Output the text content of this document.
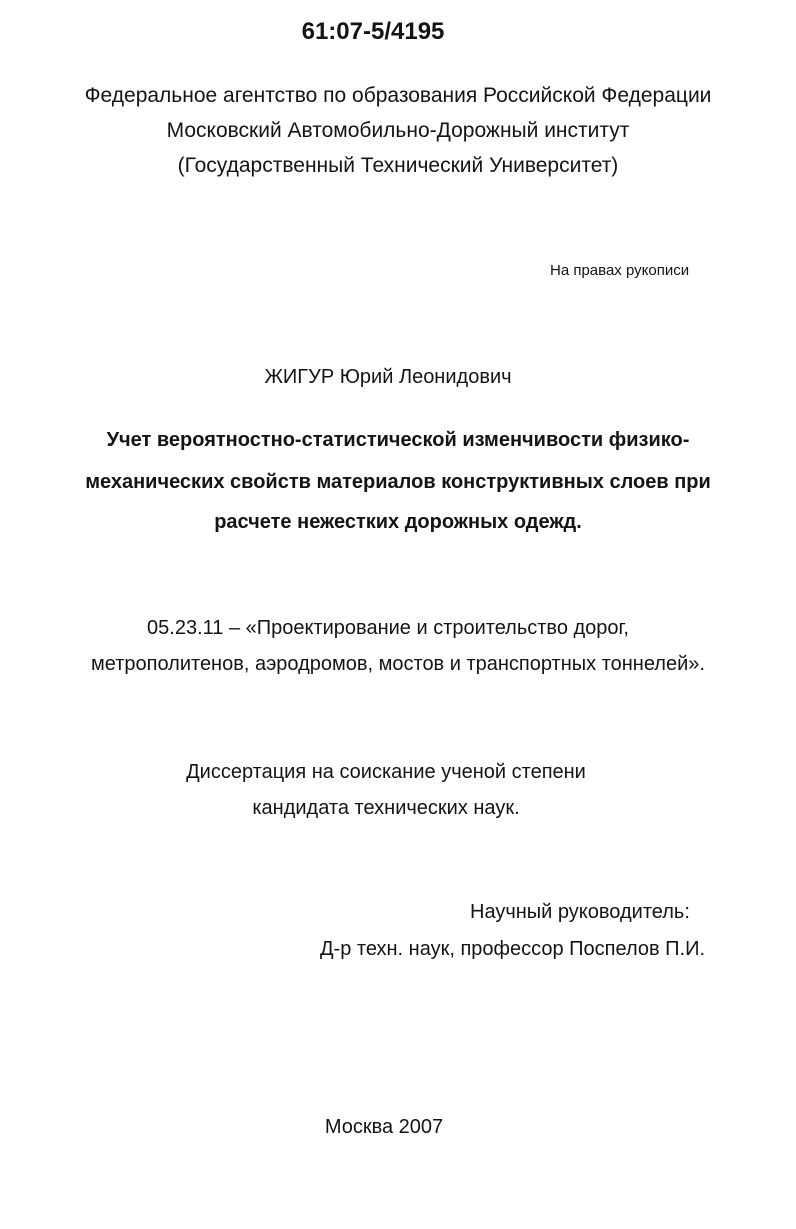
61:07-5/4195
Федеральное агентство по образования Российской Федерации
Московский Автомобильно-Дорожный институт
(Государственный Технический Университет)
На правах рукописи
ЖИГУР Юрий Леонидович
Учет вероятностно-статистической изменчивости физико-
механических свойств материалов конструктивных слоев при
расчете нежестких дорожных одежд.
05.23.11 – «Проектирование и строительство дорог,
метрополитенов, аэродромов, мостов и транспортных тоннелей».
Диссертация на соискание ученой степени
кандидата технических наук.
Научный руководитель:
Д-р техн. наук, профессор Поспелов П.И.
Москва 2007
